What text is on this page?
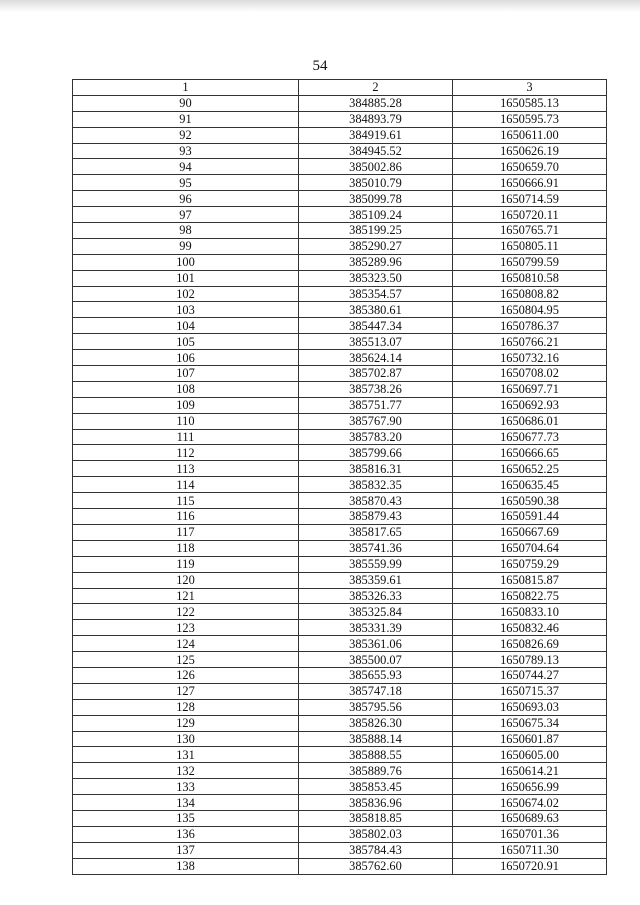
54
1	2	3
90	384885.28	1650585.13
91	384893.79	1650595.73
92	384919.61	1650611.00
93	384945.52	1650626.19
94	385002.86	1650659.70
95	385010.79	1650666.91
96	385099.78	1650714.59
97	385109.24	1650720.11
98	385199.25	1650765.71
99	385290.27	1650805.11
100	385289.96	1650799.59
101	385323.50	1650810.58
102	385354.57	1650808.82
103	385380.61	1650804.95
104	385447.34	1650786.37
105	385513.07	1650766.21
106	385624.14	1650732.16
107	385702.87	1650708.02
108	385738.26	1650697.71
109	385751.77	1650692.93
110	385767.90	1650686.01
111	385783.20	1650677.73
112	385799.66	1650666.65
113	385816.31	1650652.25
114	385832.35	1650635.45
115	385870.43	1650590.38
116	385879.43	1650591.44
117	385817.65	1650667.69
118	385741.36	1650704.64
119	385559.99	1650759.29
120	385359.61	1650815.87
121	385326.33	1650822.75
122	385325.84	1650833.10
123	385331.39	1650832.46
124	385361.06	1650826.69
125	385500.07	1650789.13
126	385655.93	1650744.27
127	385747.18	1650715.37
128	385795.56	1650693.03
129	385826.30	1650675.34
130	385888.14	1650601.87
131	385888.55	1650605.00
132	385889.76	1650614.21
133	385853.45	1650656.99
134	385836.96	1650674.02
135	385818.85	1650689.63
136	385802.03	1650701.36
137	385784.43	1650711.30
138	385762.60	1650720.91
